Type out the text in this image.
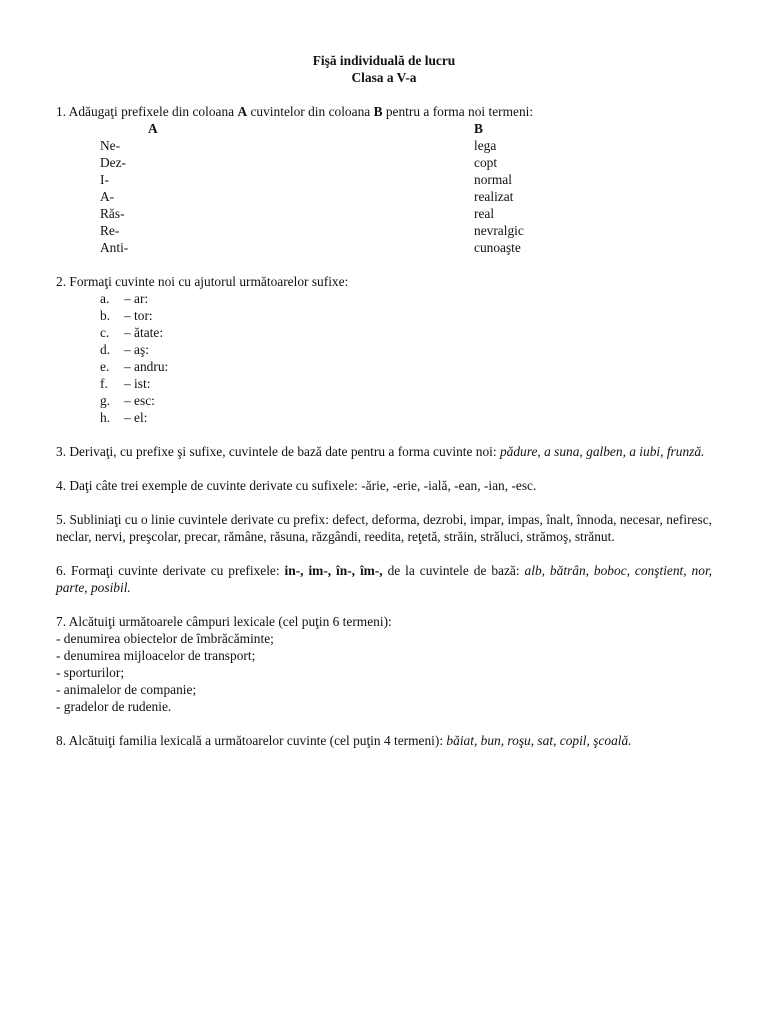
Fişă individuală de lucru
Clasa a V-a
1. Adăugaţi prefixele din coloana A cuvintelor din coloana B pentru a forma noi termeni:
A	B
Ne-	lega
Dez-	copt
I-	normal
A-	realizat
Răs-	real
Re-	nevralgic
Anti-	cunoaşte
2. Formaţi cuvinte noi cu ajutorul următoarelor sufixe:
a. – ar:
b. – tor:
c. – ătate:
d. – aş:
e. – andru:
f. – ist:
g. – esc:
h. – el:
3. Derivaţi, cu prefixe şi sufixe, cuvintele de bază date pentru a forma cuvinte noi: pădure, a suna, galben, a iubi, frunză.
4. Daţi câte trei exemple de cuvinte derivate cu sufixele: -ărie, -erie, -ială, -ean, -ian, -esc.
5. Subliniaţi cu o linie cuvintele derivate cu prefix: defect, deforma, dezrobi, impar, impas, înalt, înnoda, necesar, nefiresc, neclar, nervi, preşcolar, precar, rămâne, răsuna, răzgândi, reedita, reţetă, străin, străluci, strămoş, strănut.
6. Formaţi cuvinte derivate cu prefixele: in-, im-, în-, îm-, de la cuvintele de bază: alb, bătrân, boboc, conştient, nor, parte, posibil.
7. Alcătuiţi următoarele câmpuri lexicale (cel puţin 6 termeni):
- denumirea obiectelor de îmbrăcăminte;
- denumirea mijloacelor de transport;
- sporturilor;
- animalelor de companie;
- gradelor de rudenie.
8. Alcătuiţi familia lexicală a următoarelor cuvinte (cel puţin 4 termeni): băiat, bun, roşu, sat, copil, şcoală.
